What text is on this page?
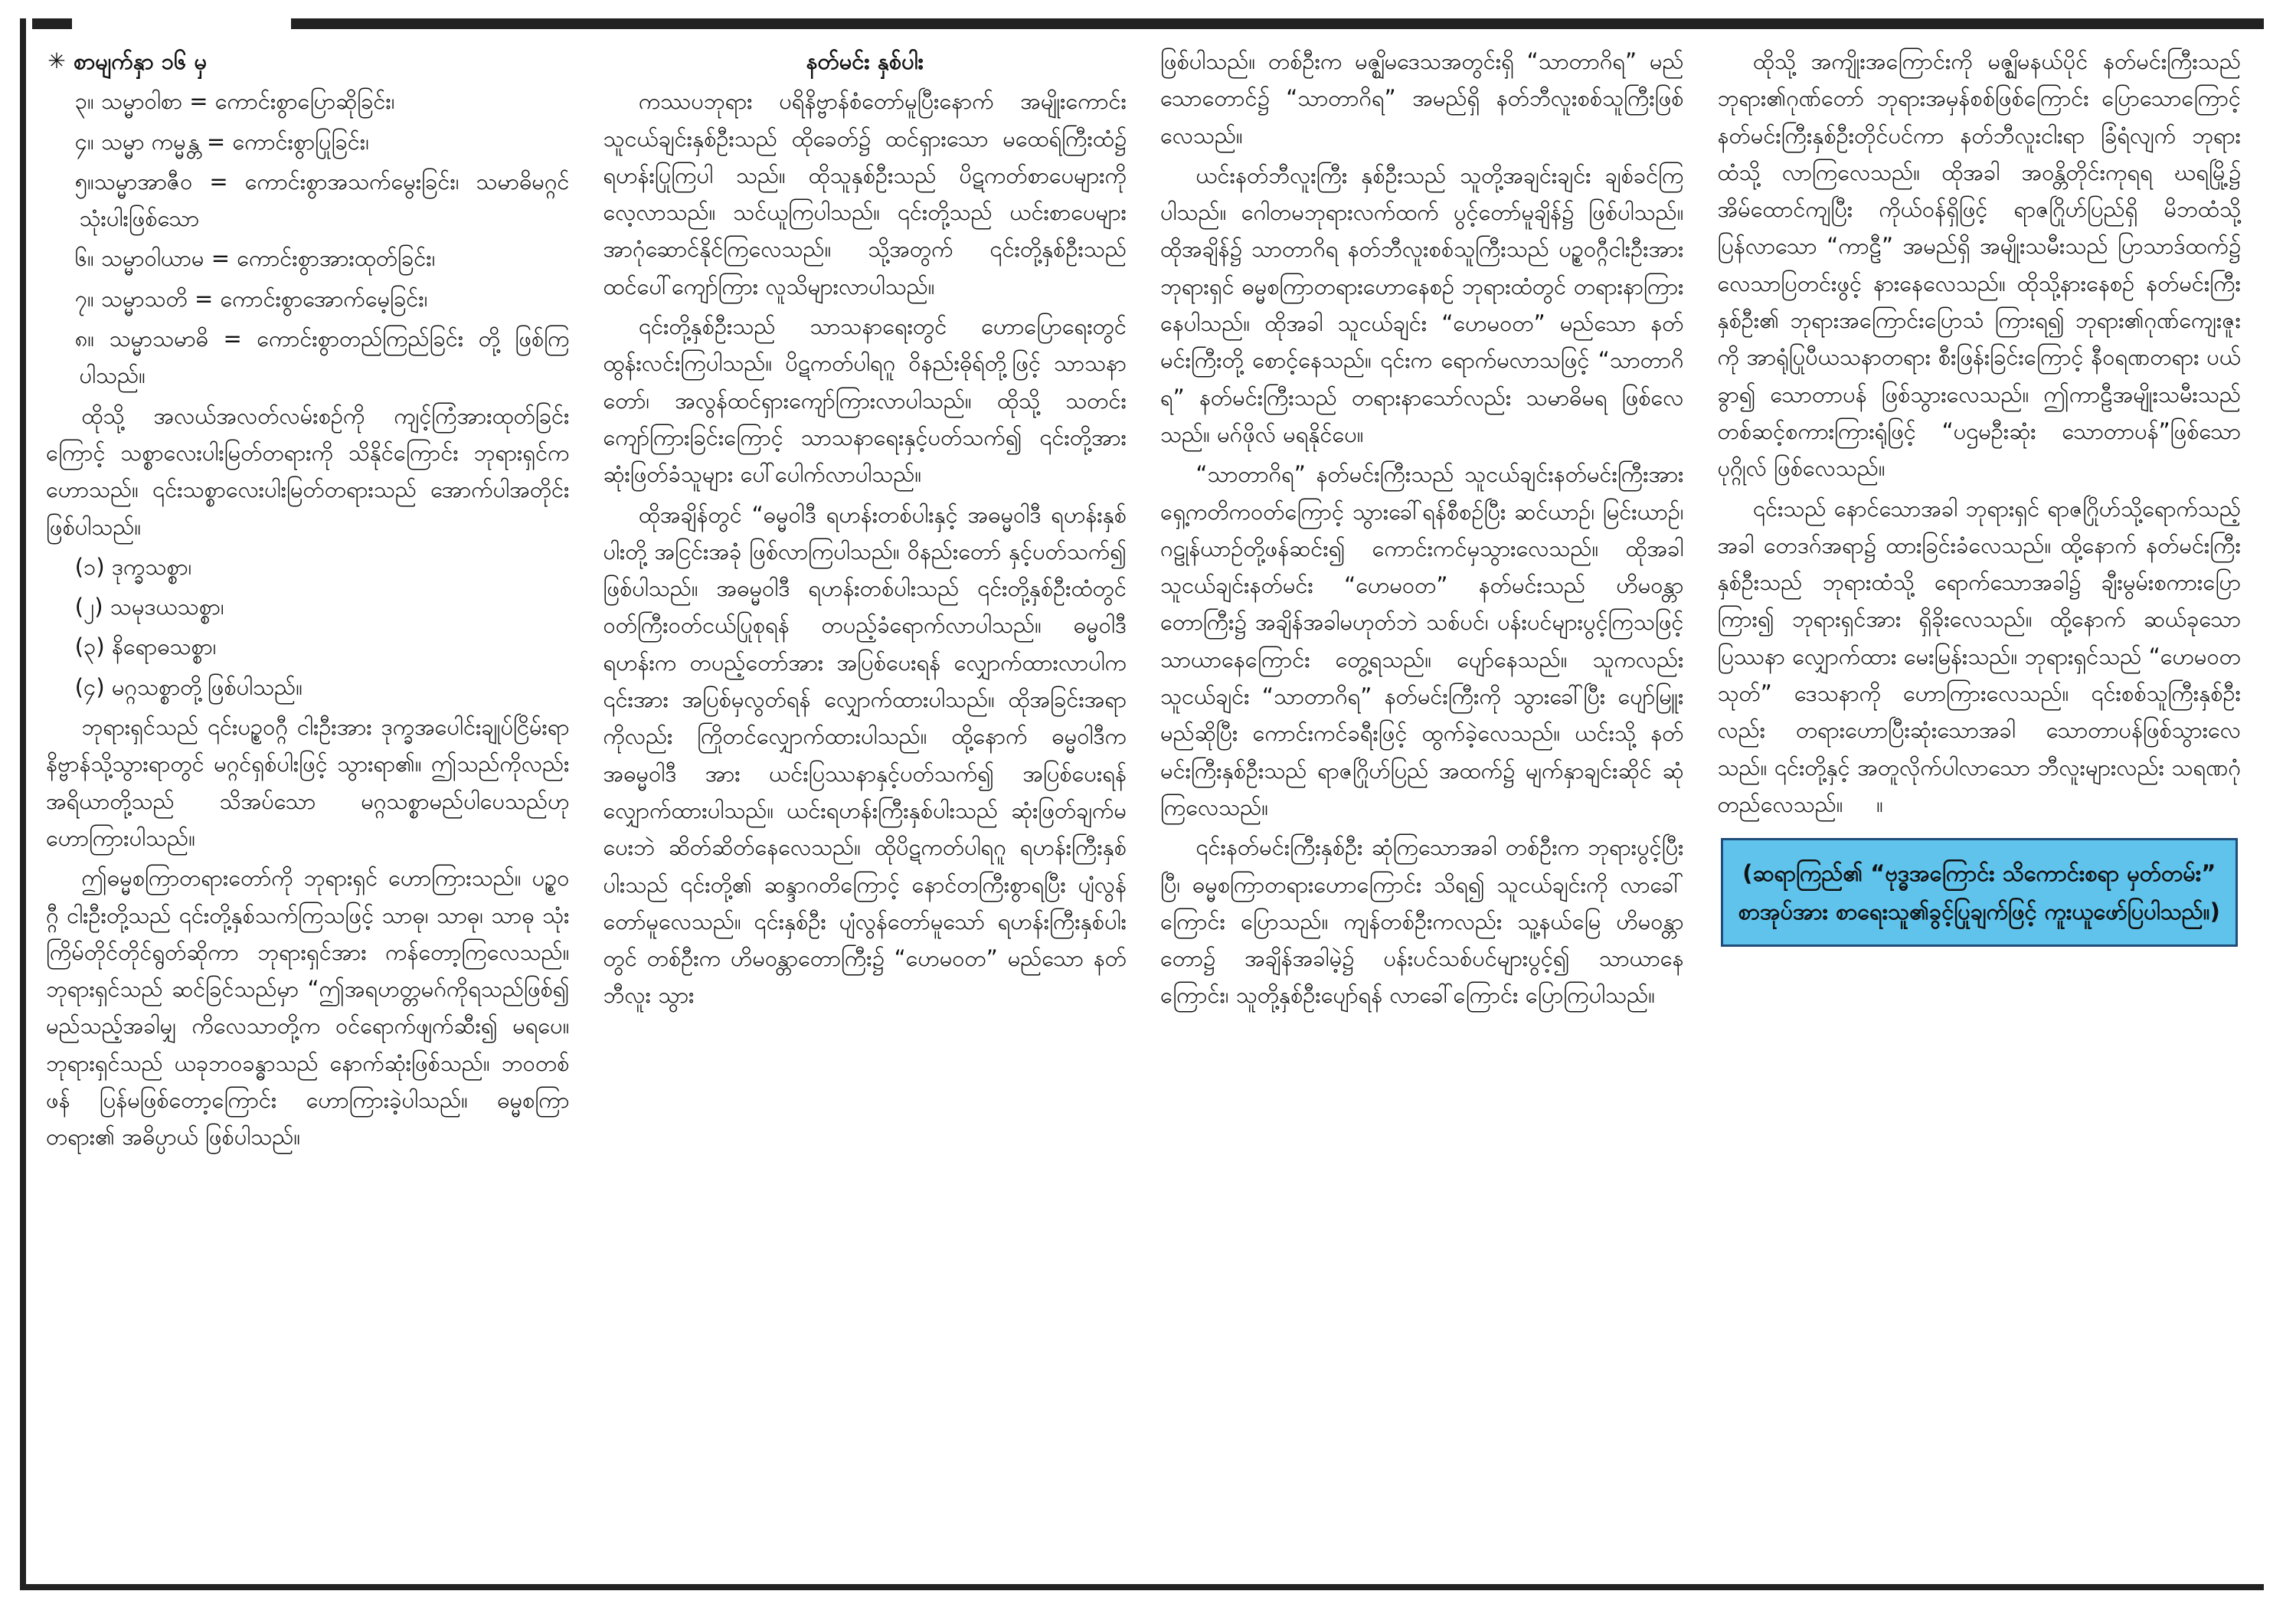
✳ စာမျက်နှာ ၁၆ မှ

၃။ သမ္မာဝါစာ = ကောင်းစွာပြောဆိုခြင်း၊

၄။ သမ္မာ ကမ္မန္တ = ကောင်းစွာပြုခြင်း၊

၅။သမ္မာအာဇီဝ = ကောင်းစွာအသက်မွေးခြင်း၊ သမာဓိမဂ္ဂင် သုံးပါးဖြစ်သော

၆။ သမ္မာဝါယာမ = ကောင်းစွာအားထုတ်ခြင်း၊

၇။ သမ္မာသတိ = ကောင်းစွာအောက်မေ့ခြင်း၊

၈။ သမ္မာသမာဓိ = ကောင်းစွာတည်ကြည်ခြင်း တို့ ဖြစ်ကြပါသည်။

ထိုသို့ အလယ်အလတ်လမ်းစဉ်ကို ကျင့်ကြံအားထုတ်ခြင်းကြောင့် သစ္စာလေးပါးမြတ်တရားကို သိနိုင်ကြောင်း ဘုရားရှင်က ဟောသည်။ ၎င်းသစ္စာလေးပါးမြတ်တရားသည် အောက်ပါအတိုင်း ဖြစ်ပါသည်။

(၁) ဒုက္ခသစ္စာ၊

(၂) သမုဒယသစ္စာ၊

(၃) နိရောဓသစ္စာ၊

(၄) မဂ္ဂသစ္စာတို့ဖြစ်ပါသည်။

ဘုရားရှင်သည် ၎င်းပဉ္စဝဂ္ဂီ ငါးဦးအား ဒုက္ခအပေါင်းချုပ်ငြိမ်းရာ နိဗ္ဗာန်သို့သွားရာတွင် မဂ္ဂင်ရှစ်ပါးဖြင့် သွားရာ၏။ ဤသည်ကိုလည်း အရိယာတို့သည် သိအပ်သော မဂ္ဂသစ္စာမည်ပါပေသည်ဟု ဟောကြားပါသည်။

ဤဓမ္မစကြာတရားတော်ကို ဘုရားရှင် ဟောကြားသည်။ ပဉ္စဝဂ္ဂီ ငါးဦးတို့သည် ၎င်းတို့နှစ်သက်ကြသဖြင့် သာဓု၊ သာဓု၊ သာဓု သုံးကြိမ်တိုင်တိုင်ရွတ်ဆိုကာ ဘုရားရှင်အား ကန်တော့ကြလေသည်။ ဘုရားရှင်သည် ဆင်ခြင်သည်မှာ “ဤအရဟတ္တမဂ်ကိုရသည်ဖြစ်၍ မည်သည့်အခါမျှ ကိလေသာတို့က ဝင်ရောက်ဖျက်ဆီး၍ မရပေ။ ဘုရားရှင်သည် ယခုဘဝခန္ဓာသည် နောက်ဆုံးဖြစ်သည်။ ဘဝတစ်ဖန် ပြန်မဖြစ်တော့ကြောင်း ဟောကြားခဲ့ပါသည်။ ဓမ္မစကြာတရား၏ အဓိပ္ပာယ် ဖြစ်ပါသည်။

နတ်မင်း နှစ်ပါး

ကဿပဘုရား ပရိနိဗ္ဗာန်စံတော်မူပြီးနောက် အမျိုးကောင်း သူငယ်ချင်းနှစ်ဦးသည် ထိုခေတ်၌ ထင်ရှားသော မထေရ်ကြီးထံ၌ ရဟန်းပြုကြပါ သည်။ ထိုသူနှစ်ဦးသည် ပိဋကတ်စာပေများကို လေ့လာသည်။ သင်ယူကြပါသည်။ ၎င်းတို့သည် ယင်းစာပေများ အာဂုံဆောင်နိုင်ကြလေသည်။ သို့အတွက် ၎င်းတို့နှစ်ဦးသည် ထင်ပေါ်ကျော်ကြား လူသိများလာပါသည်။

၎င်းတို့နှစ်ဦးသည် သာသနာရေးတွင် ဟောပြောရေးတွင် ထွန်းလင်းကြပါသည်။ ပိဋကတ်ပါရဂူ ဝိနည်းဓိုရ်တို့ဖြင့် သာသနာတော်၊ အလွန်ထင်ရှားကျော်ကြားလာပါသည်။ ထိုသို့ သတင်းကျော်ကြားခြင်းကြောင့် သာသနာရေးနှင့်ပတ်သက်၍ ၎င်းတို့အား ဆုံးဖြတ်ခံသူများ ပေါ်ပေါက်လာပါသည်။

ထိုအချိန်တွင် “ဓမ္မဝါဒီ ရဟန်းတစ်ပါးနှင့် အဓမ္မဝါဒီ ရဟန်းနှစ်ပါးတို့ အငြင်းအခုံ ဖြစ်လာကြပါသည်။ ဝိနည်းတော် နှင့်ပတ်သက်၍ ဖြစ်ပါသည်။ အဓမ္မဝါဒီ ရဟန်းတစ်ပါးသည် ၎င်းတို့နှစ်ဦးထံတွင် ဝတ်ကြီးဝတ်ငယ်ပြုစုရန် တပည့်ခံရောက်လာပါသည်။ ဓမ္မဝါဒီရဟန်းက တပည့်တော်အား အပြစ်ပေးရန် လျှောက်ထားလာပါက ၎င်းအား အပြစ်မှလွတ်ရန် လျှောက်ထားပါသည်။ ထိုအခြင်းအရာကိုလည်း ကြိုတင်လျှောက်ထားပါသည်။ ထို့နောက် ဓမ္မဝါဒီက အဓမ္မဝါဒီ အား ယင်းပြဿနာနှင့်ပတ်သက်၍ အပြစ်ပေးရန် လျှောက်ထားပါသည်။ ယင်းရဟန်းကြီးနှစ်ပါးသည် ဆုံးဖြတ်ချက်မပေးဘဲ ဆိတ်ဆိတ်နေလေသည်။ ထိုပိဋကတ်ပါရဂူ ရဟန်းကြီးနှစ်ပါးသည် ၎င်းတို့၏ ဆန္ဒာဂတိကြောင့် နောင်တကြီးစွာရပြီး ပျံလွန်တော်မူလေသည်။ ၎င်းနှစ်ဦး ပျံလွန်တော်မူသော် ရဟန်းကြီးနှစ်ပါးတွင် တစ်ဦးက ဟိမဝန္တာတောကြီး၌ “ဟေမဝတ” မည်သော နတ်ဘီလူး သွား

ဖြစ်ပါသည်။ တစ်ဦးက မဇ္ဈိမဒေသအတွင်းရှိ “သာတာဂိရ” မည်သောတောင်၌ “သာတာဂိရ” အမည်ရှိ နတ်ဘီလူးစစ်သူကြီးဖြစ်လေသည်။

ယင်းနတ်ဘီလူးကြီး နှစ်ဦးသည် သူတို့အချင်းချင်း ချစ်ခင်ကြပါသည်။ ဂေါတမဘုရားလက်ထက် ပွင့်တော်မူချိန်၌ ဖြစ်ပါသည်။ ထိုအချိန်၌ သာတာဂိရ နတ်ဘီလူးစစ်သူကြီးသည် ပဉ္စဝဂ္ဂီငါးဦးအား ဘုရားရှင် ဓမ္မစကြာတရားဟောနေစဉ် ဘုရားထံတွင် တရားနာကြားနေပါသည်။ ထိုအခါ သူငယ်ချင်း “ဟေမဝတ” မည်သော နတ်မင်းကြီးတို့ စောင့်နေသည်။ ၎င်းက ရောက်မလာသဖြင့် “သာတာဂိရ” နတ်မင်းကြီးသည် တရားနာသော်လည်း သမာဓိမရ ဖြစ်လေသည်။ မဂ်ဖိုလ် မရနိုင်ပေ။

“သာတာဂိရ” နတ်မင်းကြီးသည် သူငယ်ချင်းနတ်မင်းကြီးအား ရှေ့ကတိကဝတ်ကြောင့် သွားခေါ်ရန်စီစဉ်ပြီး ဆင်ယာဉ်၊ မြင်းယာဉ်၊ ဂဠုန်ယာဉ်တို့ဖန်ဆင်း၍ ကောင်းကင်မှသွားလေသည်။ ထိုအခါ သူငယ်ချင်းနတ်မင်း “ဟေမဝတ” နတ်မင်းသည် ဟိမဝန္တာတောကြီး၌ အချိန်အခါမဟုတ်ဘဲ သစ်ပင်၊ ပန်းပင်များပွင့်ကြသဖြင့် သာယာနေကြောင်း တွေ့ရသည်။ ပျော်နေသည်။ သူကလည်း သူငယ်ချင်း “သာတာဂိရ” နတ်မင်းကြီးကို သွားခေါ်ပြီး ပျော်မြူးမည်ဆိုပြီး ကောင်းကင်ခရီးဖြင့် ထွက်ခဲ့လေသည်။ ယင်းသို့ နတ်မင်းကြီးနှစ်ဦးသည် ရာဇဂြိုဟ်ပြည် အထက်၌ မျက်နှာချင်းဆိုင် ဆုံကြလေသည်။

၎င်းနတ်မင်းကြီးနှစ်ဦး ဆုံကြသောအခါ တစ်ဦးက ဘုရားပွင့်ပြီးပြီ၊ ဓမ္မစကြာတရားဟောကြောင်း သိရ၍ သူငယ်ချင်းကို လာခေါ်ကြောင်း ပြောသည်။ ကျန်တစ်ဦးကလည်း သူ့နယ်မြေ ဟိမဝန္တာတော၌ အချိန်အခါမဲ့၌ ပန်းပင်သစ်ပင်များပွင့်၍ သာယာနေကြောင်း၊ သူတို့နှစ်ဦးပျော်ရန် လာခေါ်ကြောင်း ပြောကြပါသည်။

ထိုသို့ အကျိုးအကြောင်းကို မဇ္ဈိမနယ်ပိုင် နတ်မင်းကြီးသည် ဘုရား၏ဂုဏ်တော် ဘုရားအမှန်စစ်ဖြစ်ကြောင်း ပြောသောကြောင့် နတ်မင်းကြီးနှစ်ဦးတိုင်ပင်ကာ နတ်ဘီလူးငါးရာ ခြံရံလျက် ဘုရား ထံသို့ လာကြလေသည်။ ထိုအခါ အဝန္တိတိုင်းကုရရ ဃရမြို့၌ အိမ်ထောင်ကျပြီး ကိုယ်ဝန်ရှိဖြင့် ရာဇဂြိုဟ်ပြည်ရှိ မိဘထံသို့ ပြန်လာသော “ကာဠီ” အမည်ရှိ အမျိုးသမီးသည် ပြာသာဒ်ထက်၌ လေသာပြတင်းဖွင့် နားနေလေသည်။ ထိုသို့နားနေစဉ် နတ်မင်းကြီး နှစ်ဦး၏ ဘုရားအကြောင်းပြောသံ ကြားရ၍ ဘုရား၏ဂုဏ်ကျေးဇူးကို အာရုံပြုပီယသနာတရား စီးဖြန်းခြင်းကြောင့် နီဝရဏတရား ပယ်ခွာ၍ သောတာပန် ဖြစ်သွားလေသည်။ ဤကာဠီအမျိုးသမီးသည် တစ်ဆင့်စကားကြားရုံဖြင့် “ပဌမဦးဆုံး သောတာပန်”ဖြစ်သော ပုဂ္ဂိုလ် ဖြစ်လေသည်။

၎င်းသည် နောင်သောအခါ ဘုရားရှင် ရာဇဂြိုဟ်သို့ရောက်သည့်အခါ တေဒဂ်အရာ၌ ထားခြင်းခံလေသည်။ ထို့နောက် နတ်မင်းကြီးနှစ်ဦးသည် ဘုရားထံသို့ ရောက်သောအခါ၌ ချီးမွမ်းစကားပြောကြား၍ ဘုရားရှင်အား ရှိခိုးလေသည်။ ထို့နောက် ဆယ်ခုသောပြဿနာ လျှောက်ထား မေးမြန်းသည်။ ဘုရားရှင်သည် “ဟေမဝတသုတ်” ဒေသနာကို ဟောကြားလေသည်။ ၎င်းစစ်သူကြီးနှစ်ဦးလည်း တရားဟောပြီးဆုံးသောအခါ သောတာပန်ဖြစ်သွားလေသည်။ ၎င်းတို့နှင့် အတူလိုက်ပါလာသော ဘီလူးများလည်း သရဏဂုံ တည်လေသည်။ ။

(ဆရာကြည်၏ “ဗုဒ္ဓအကြောင်း သိကောင်းစရာ မှတ်တမ်း” စာအုပ်အား စာရေးသူ၏ခွင့်ပြုချက်ဖြင့် ကူးယူဖော်ပြပါသည်။)
